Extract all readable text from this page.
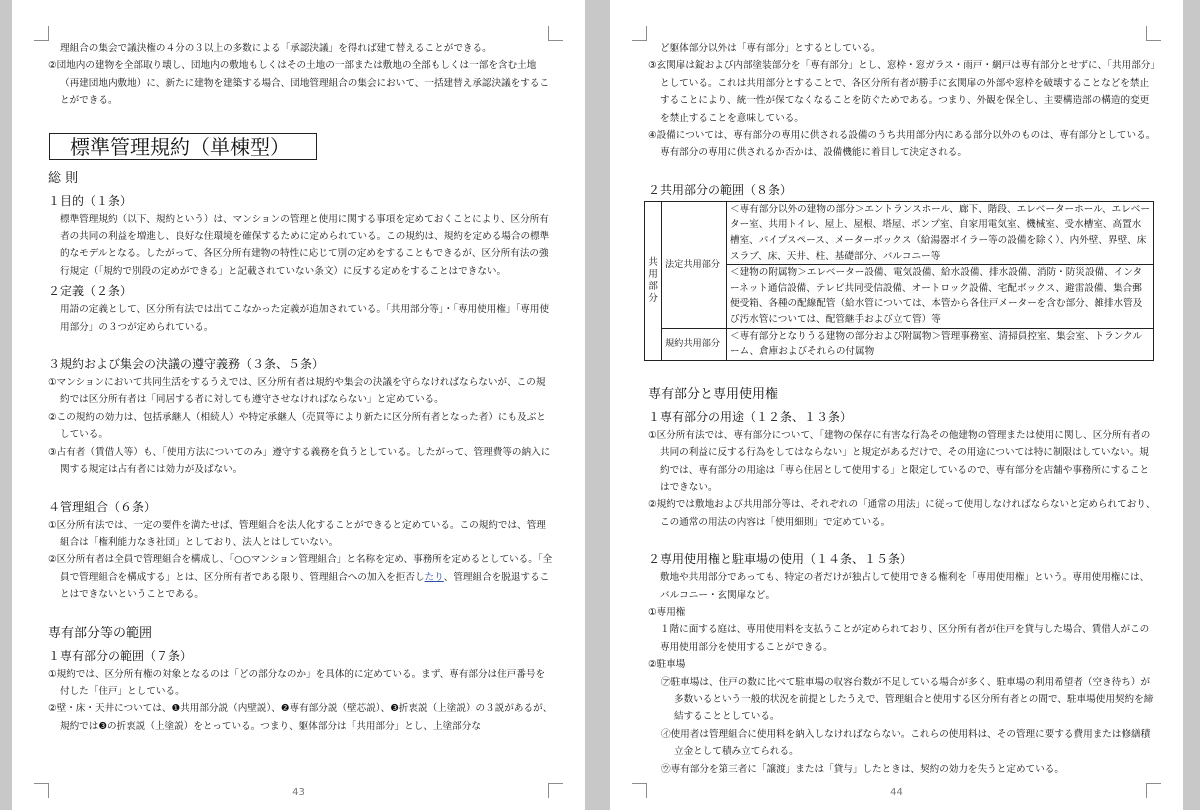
理組合の集会で議決権の４分の３以上の多数による「承認決議」を得れば建て替えることができる。

②団地内の建物を全部取り壊し、団地内の敷地もしくはその土地の一部または敷地の全部もしくは一部を含む土地（再建団地内敷地）に、新たに建物を建築する場合、団地管理組合の集会において、一括建替え承認決議をすることができる。

標準管理規約（単棟型）
総 則
１目的（１条）

標準管理規約（以下、規約という）は、マンションの管理と使用に関する事項を定めておくことにより、区分所有者の共同の利益を増進し、良好な住環境を確保するために定められている。この規約は、規約を定める場合の標準的なモデルとなる。したがって、各区分所有建物の特性に応じて別の定めをすることもできるが、区分所有法の強行規定（「規約で別段の定めができる」と記載されていない条文）に反する定めをすることはできない。

２定義（２条）

用語の定義として、区分所有法では出てこなかった定義が追加されている。「共用部分等」・「専用使用権」「専用使用部分」の３つが定められている。

３規約および集会の決議の遵守義務（３条、５条）

①マンションにおいて共同生活をするうえでは、区分所有者は規約や集会の決議を守らなければならないが、この規約では区分所有者は「同居する者に対しても遵守させなければならない」と定めている。

②この規約の効力は、包括承継人（相続人）や特定承継人（売買等により新たに区分所有者となった者）にも及ぶとしている。

③占有者（賃借人等）も、「使用方法についてのみ」遵守する義務を負うとしている。したがって、管理費等の納入に関する規定は占有者には効力が及ばない。

４管理組合（６条）

①区分所有法では、一定の要件を満たせば、管理組合を法人化することができると定めている。この規約では、管理組合は「権利能力なき社団」としており、法人とはしていない。

②区分所有者は全員で管理組合を構成し、「○○マンション管理組合」と名称を定め、事務所を定めるとしている。「全員で管理組合を構成する」とは、区分所有者である限り、管理組合への加入を拒否したり、管理組合を脱退することはできないということである。

専有部分等の範囲
１専有部分の範囲（７条）

①規約では、区分所有権の対象となるのは「どの部分なのか」を具体的に定めている。まず、専有部分は住戸番号を付した「住戸」としている。

②壁・床・天井については、❶共用部分説（内壁説）、❷専有部分説（壁芯説）、❸折衷説（上塗説）の３説があるが、規約では❸の折衷説（上塗説）をとっている。つまり、躯体部分は「共用部分」とし、上塗部分な

43

ど躯体部分以外は「専有部分」とするとしている。

③玄関扉は錠および内部塗装部分を「専有部分」とし、窓枠・窓ガラス・雨戸・網戸は専有部分とせずに、「共用部分」としている。これは共用部分とすることで、各区分所有者が勝手に玄関扉の外部や窓枠を破壊することなどを禁止することにより、統一性が保てなくなることを防ぐためである。つまり、外観を保全し、主要構造部の構造的変更を禁止することを意味している。

④設備については、専有部分の専用に供される設備のうち共用部分内にある部分以外のものは、専有部分としている。専有部分の専用に供されるか否かは、設備機能に着目して決定される。

２共用部分の範囲（８条）
共用部分	法定共用部分	＜専有部分以外の建物の部分＞エントランスホール、廊下、階段、エレベーターホール、エレベーター室、共用トイレ、屋上、屋根、塔屋、ポンプ室、自家用電気室、機械室、受水槽室、高置水槽室、パイプスペース、メーターボックス（給湯器ボイラー等の設備を除く）、内外壁、界壁、床スラブ、床、天井、柱、基礎部分、バルコニー等
		＜建物の附属物＞エレベーター設備、電気設備、給水設備、排水設備、消防・防災設備、インターネット通信設備、テレビ共同受信設備、オートロック設備、宅配ボックス、避雷設備、集合郵便受箱、各種の配線配管（給水管については、本管から各住戸メーターを含む部分、雑排水管及び汚水管については、配管継手および立て管）等
	規約共用部分	＜専有部分となりうる建物の部分および附属物＞管理事務室、清掃員控室、集会室、トランクルーム、倉庫およびそれらの付属物
専有部分と専用使用権
１専有部分の用途（１２条、１３条）

①区分所有法では、専有部分について、「建物の保存に有害な行為その他建物の管理または使用に関し、区分所有者の共同の利益に反する行為をしてはならない」と規定があるだけで、その用途については特に制限はしていない。規約では、専有部分の用途は「専ら住居として使用する」と限定しているので、専有部分を店舗や事務所にすることはできない。

②規約では敷地および共用部分等は、それぞれの「通常の用法」に従って使用しなければならないと定められており、この通常の用法の内容は「使用細則」で定めている。

２専用使用権と駐車場の使用（１４条、１５条）

敷地や共用部分であっても、特定の者だけが独占して使用できる権利を「専用使用権」という。専用使用権には、バルコニー・玄関扉など。

①専用権

１階に面する庭は、専用使用料を支払うことが定められており、区分所有者が住戸を貸与した場合、賃借人がこの専用使用部分を使用することができる。

②駐車場

㋐駐車場は、住戸の数に比べて駐車場の収容台数が不足している場合が多く、駐車場の利用希望者（空き待ち）が多数いるという一般的状況を前提としたうえで、管理組合と使用する区分所有者との間で、駐車場使用契約を締結することとしている。

㋑使用者は管理組合に使用料を納入しなければならない。これらの使用料は、その管理に要する費用または修繕積立金として積み立てられる。

㋒専有部分を第三者に「譲渡」または「貸与」したときは、契約の効力を失うと定めている。

44
